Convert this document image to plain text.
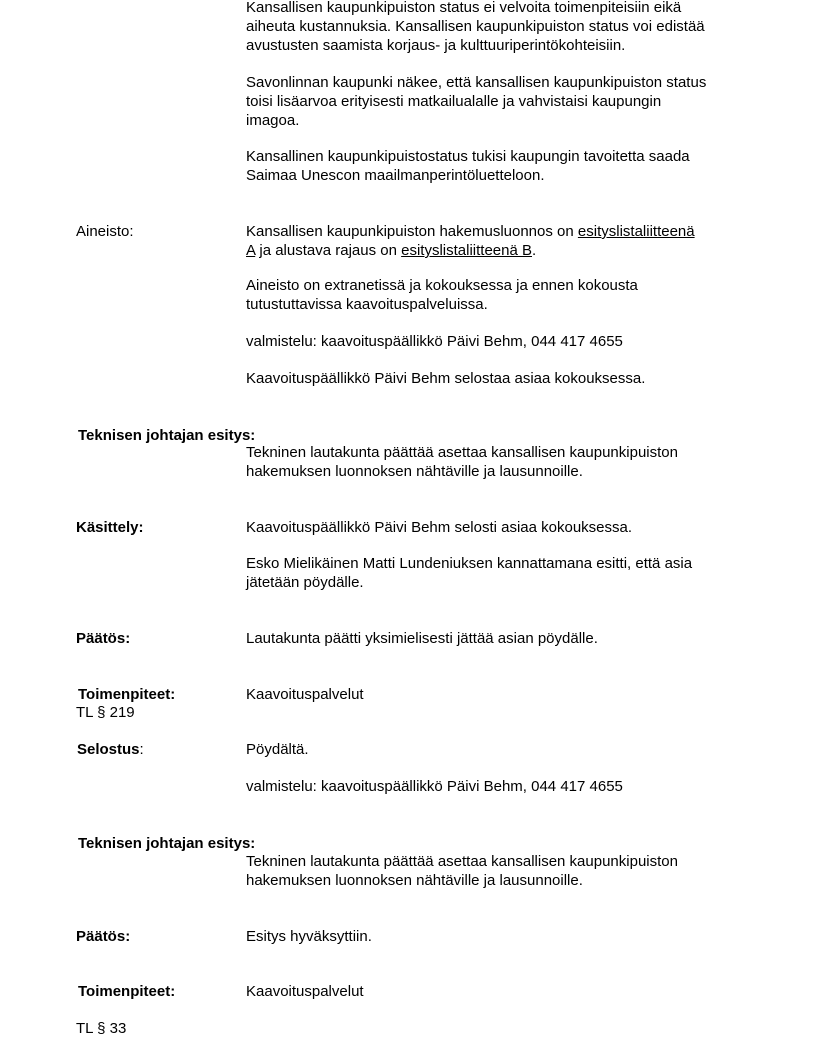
Kansallisen kaupunkipuiston status ei velvoita toimenpiteisiin eikä
aiheuta kustannuksia. Kansallisen kaupunkipuiston status voi edistää
avustusten saamista korjaus- ja kulttuuriperintökohteisiin.
Savonlinnan kaupunki näkee, että kansallisen kaupunkipuiston status
toisi lisäarvoa erityisesti matkailualalle ja vahvistaisi kaupungin
imagoa.
Kansallinen kaupunkipuistostatus tukisi kaupungin tavoitetta saada
Saimaa Unescon maailmanperintöluetteloon.
Aineisto:	Kansallisen kaupunkipuiston hakemusluonnos on esityslistaliitteenä
A ja alustava rajaus on esityslistaliitteenä B.
Aineisto on extranetissä ja kokouksessa ja ennen kokousta
tutustuttavissa kaavoituspalveluissa.
valmistelu: kaavoituspäällikkö Päivi Behm, 044 417 4655
Kaavoituspäällikkö Päivi Behm selostaa asiaa kokouksessa.
Teknisen johtajan esitys:
Tekninen lautakunta päättää asettaa kansallisen kaupunkipuiston
hakemuksen luonnoksen nähtäville ja lausunnoille.
Käsittely:	Kaavoituspäällikkö Päivi Behm selosti asiaa kokouksessa.
Esko Mielikäinen Matti Lundeniuksen kannattamana esitti, että asia
jätetään pöydälle.
Päätös:	Lautakunta päätti yksimielisesti jättää asian pöydälle.
Toimenpiteet:	Kaavoituspalvelut
TL § 219
Selostus:	Pöydältä.
valmistelu: kaavoituspäällikkö Päivi Behm, 044 417 4655
Teknisen johtajan esitys:
Tekninen lautakunta päättää asettaa kansallisen kaupunkipuiston
hakemuksen luonnoksen nähtäville ja lausunnoille.
Päätös:	Esitys hyväksyttiin.
Toimenpiteet:	Kaavoituspalvelut
TL § 33
